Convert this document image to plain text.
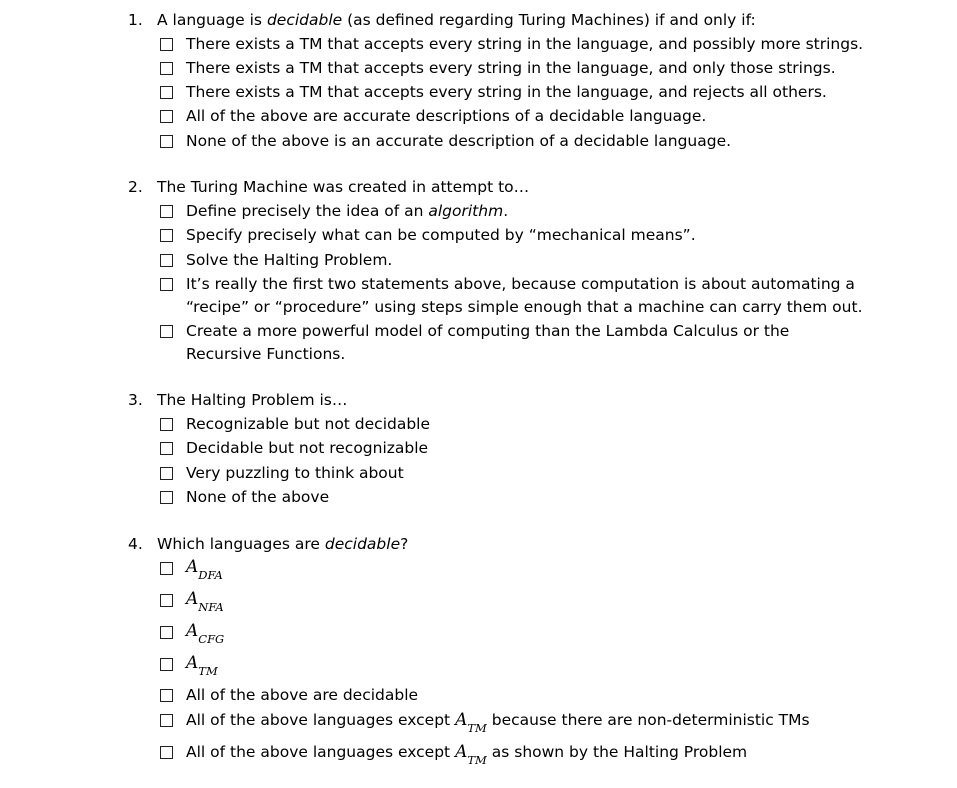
1. A language is decidable (as defined regarding Turing Machines) if and only if:
There exists a TM that accepts every string in the language, and possibly more strings.
There exists a TM that accepts every string in the language, and only those strings.
There exists a TM that accepts every string in the language, and rejects all others.
All of the above are accurate descriptions of a decidable language.
None of the above is an accurate description of a decidable language.
2. The Turing Machine was created in attempt to…
Define precisely the idea of an algorithm.
Specify precisely what can be computed by “mechanical means”.
Solve the Halting Problem.
It’s really the first two statements above, because computation is about automating a
“recipe” or “procedure” using steps simple enough that a machine can carry them out.
Create a more powerful model of computing than the Lambda Calculus or the
Recursive Functions.
3. The Halting Problem is…
Recognizable but not decidable
Decidable but not recognizable
Very puzzling to think about
None of the above
4. Which languages are decidable?
$A_{DFA}$
$A_{NFA}$
$A_{CFG}$
$A_{TM}$
All of the above are decidable
All of the above languages except $A_{TM}$ because there are non-deterministic TMs
All of the above languages except $A_{TM}$ as shown by the Halting Problem
